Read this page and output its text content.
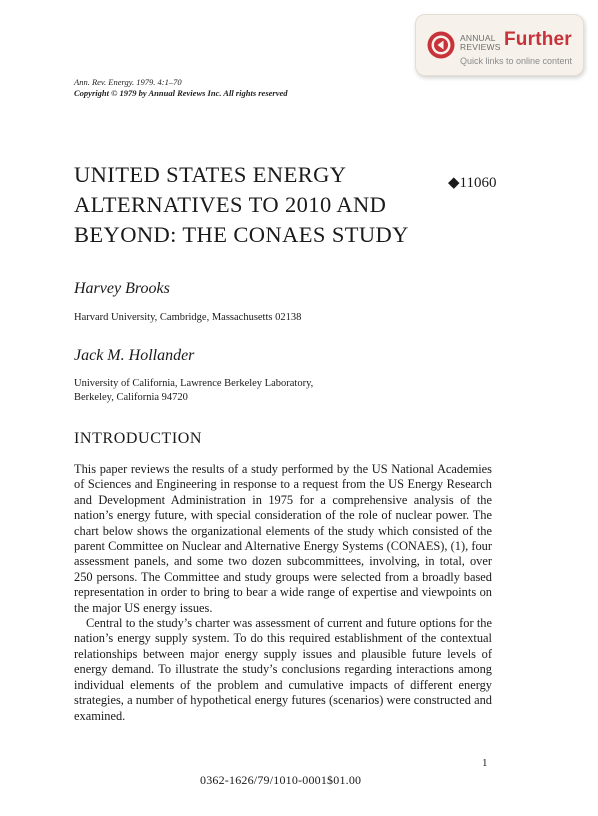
ANNUAL
REVIEWS Further
Quick links to online content
Ann. Rev. Energy. 1979. 4:1–70
Copyright © 1979 by Annual Reviews Inc. All rights reserved
UNITED STATES ENERGY
ALTERNATIVES TO 2010 AND
BEYOND: THE CONAES STUDY
◆11060
Harvey Brooks
Harvard University, Cambridge, Massachusetts 02138
Jack M. Hollander
University of California, Lawrence Berkeley Laboratory,
Berkeley, California 94720
INTRODUCTION

This paper reviews the results of a study performed by the US National Academies of Sciences and Engineering in response to a request from the US Energy Research and Development Administration in 1975 for a comprehensive analysis of the nation’s energy future, with special consideration of the role of nuclear power. The chart below shows the organizational elements of the study which consisted of the parent Committee on Nuclear and Alternative Energy Systems (CONAES), (1), four assessment panels, and some two dozen subcommittees, involving, in total, over 250 persons. The Committee and study groups were selected from a broadly based representation in order to bring to bear a wide range of expertise and viewpoints on the major US energy issues.

Central to the study’s charter was assessment of current and future options for the nation’s energy supply system. To do this required establishment of the contextual relationships between major energy supply issues and plausible future levels of energy demand. To illustrate the study’s conclusions regarding interactions among individual elements of the problem and cumulative impacts of different energy strategies, a number of hypothetical energy futures (scenarios) were constructed and examined.

1
0362-1626/79/1010-0001$01.00
